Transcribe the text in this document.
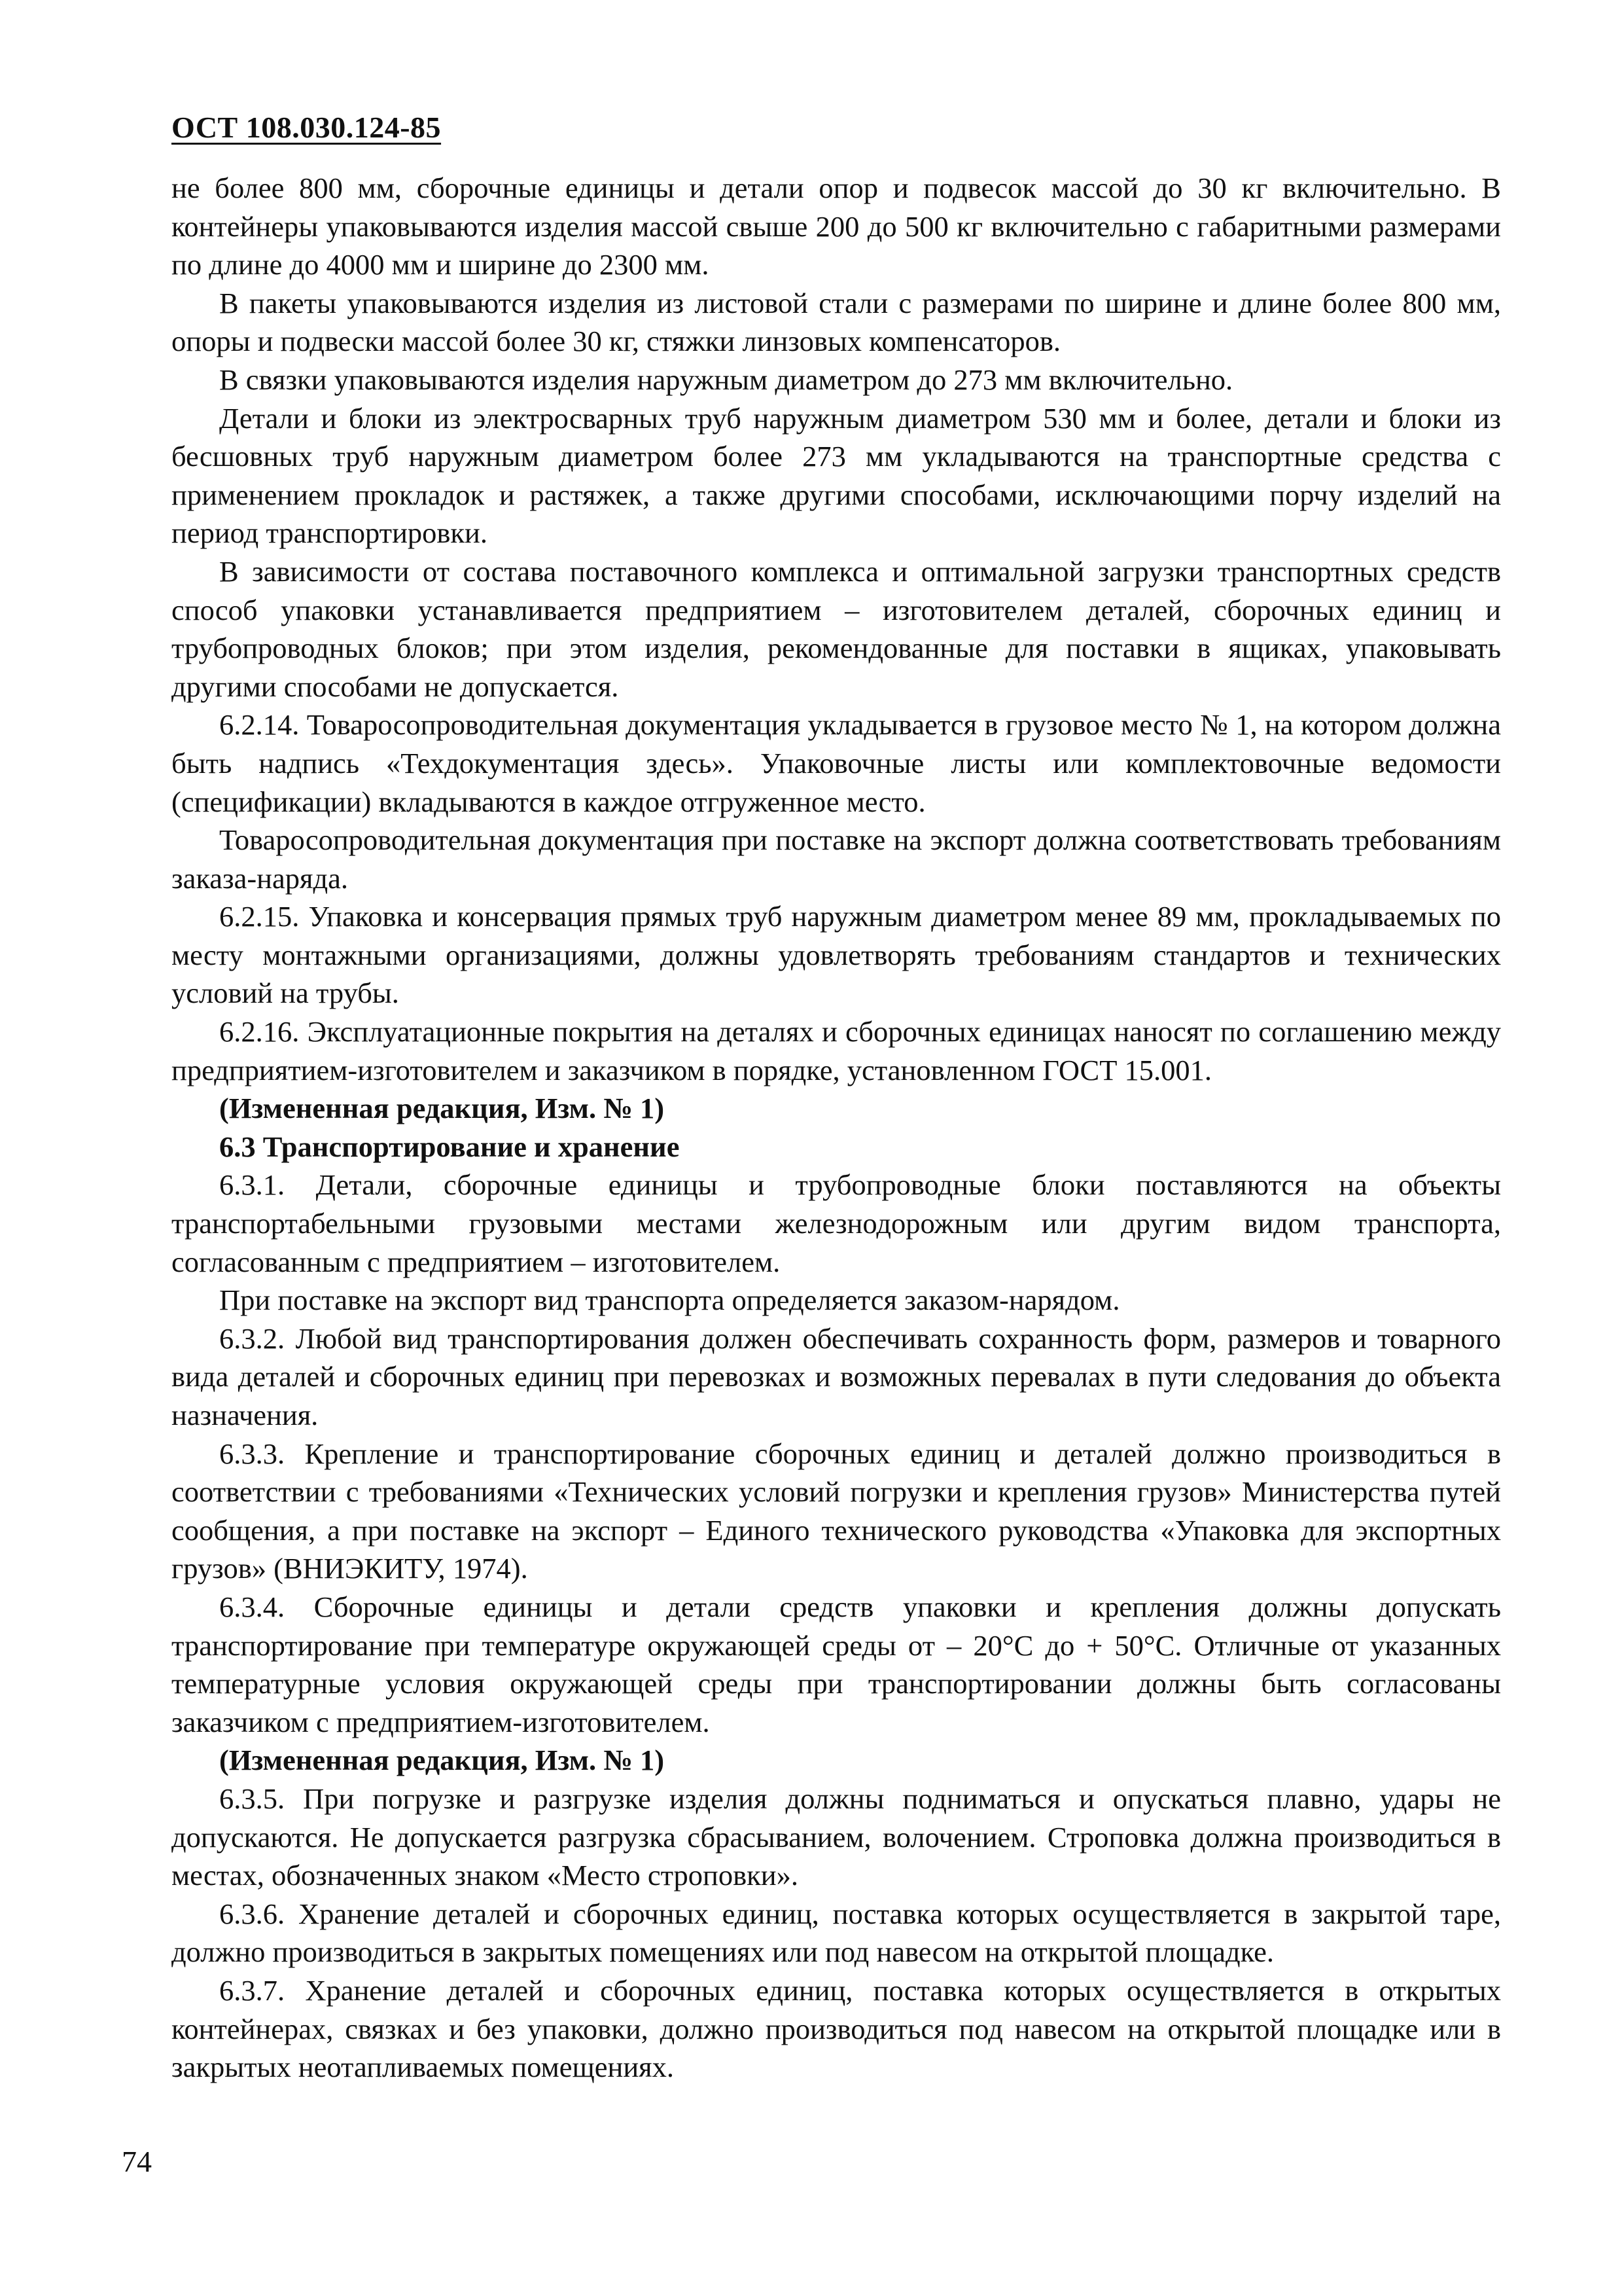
ОСТ 108.030.124-85

не более 800 мм, сборочные единицы и детали опор и подвесок массой до 30 кг включительно. В контейнеры упаковываются изделия массой свыше 200 до 500 кг включительно с габаритными размерами по длине до 4000 мм и ширине до 2300 мм.

В пакеты упаковываются изделия из листовой стали с размерами по ширине и длине более 800 мм, опоры и подвески массой более 30 кг, стяжки линзовых компенсаторов.

В связки упаковываются изделия наружным диаметром до 273 мм включительно.

Детали и блоки из электросварных труб наружным диаметром 530 мм и более, детали и блоки из бесшовных труб наружным диаметром более 273 мм укладываются на транспортные средства с применением прокладок и растяжек, а также другими способами, исключающими порчу изделий на период транспортировки.

В зависимости от состава поставочного комплекса и оптимальной загрузки транспортных средств способ упаковки устанавливается предприятием – изготовителем деталей, сборочных единиц и трубопроводных блоков; при этом изделия, рекомендованные для поставки в ящиках, упаковывать другими способами не допускается.

6.2.14. Товаросопроводительная документация укладывается в грузовое место № 1, на котором должна быть надпись «Техдокументация здесь». Упаковочные листы или комплектовочные ведомости (спецификации) вкладываются в каждое отгруженное место.

Товаросопроводительная документация при поставке на экспорт должна соответствовать требованиям заказа-наряда.

6.2.15. Упаковка и консервация прямых труб наружным диаметром менее 89 мм, прокладываемых по месту монтажными организациями, должны удовлетворять требованиям стандартов и технических условий на трубы.

6.2.16. Эксплуатационные покрытия на деталях и сборочных единицах наносят по соглашению между предприятием-изготовителем и заказчиком в порядке, установленном ГОСТ 15.001.

(Измененная редакция, Изм. № 1)

6.3 Транспортирование и хранение

6.3.1. Детали, сборочные единицы и трубопроводные блоки поставляются на объекты транспортабельными грузовыми местами железнодорожным или другим видом транспорта, согласованным с предприятием – изготовителем.

При поставке на экспорт вид транспорта определяется заказом-нарядом.

6.3.2. Любой вид транспортирования должен обеспечивать сохранность форм, размеров и товарного вида деталей и сборочных единиц при перевозках и возможных перевалах в пути следования до объекта назначения.

6.3.3. Крепление и транспортирование сборочных единиц и деталей должно производиться в соответствии с требованиями «Технических условий погрузки и крепления грузов» Министерства путей сообщения, а при поставке на экспорт – Единого технического руководства «Упаковка для экспортных грузов» (ВНИЭКИТУ, 1974).

6.3.4. Сборочные единицы и детали средств упаковки и крепления должны допускать транспортирование при температуре окружающей среды от – 20°С до + 50°С. Отличные от указанных температурные условия окружающей среды при транспортировании должны быть согласованы заказчиком с предприятием-изготовителем.

(Измененная редакция, Изм. № 1)

6.3.5. При погрузке и разгрузке изделия должны подниматься и опускаться плавно, удары не допускаются. Не допускается разгрузка сбрасыванием, волочением. Строповка должна производиться в местах, обозначенных знаком «Место строповки».

6.3.6. Хранение деталей и сборочных единиц, поставка которых осуществляется в закрытой таре, должно производиться в закрытых помещениях или под навесом на открытой площадке.

6.3.7. Хранение деталей и сборочных единиц, поставка которых осуществляется в открытых контейнерах, связках и без упаковки, должно производиться под навесом на открытой площадке или в закрытых неотапливаемых помещениях.

74
